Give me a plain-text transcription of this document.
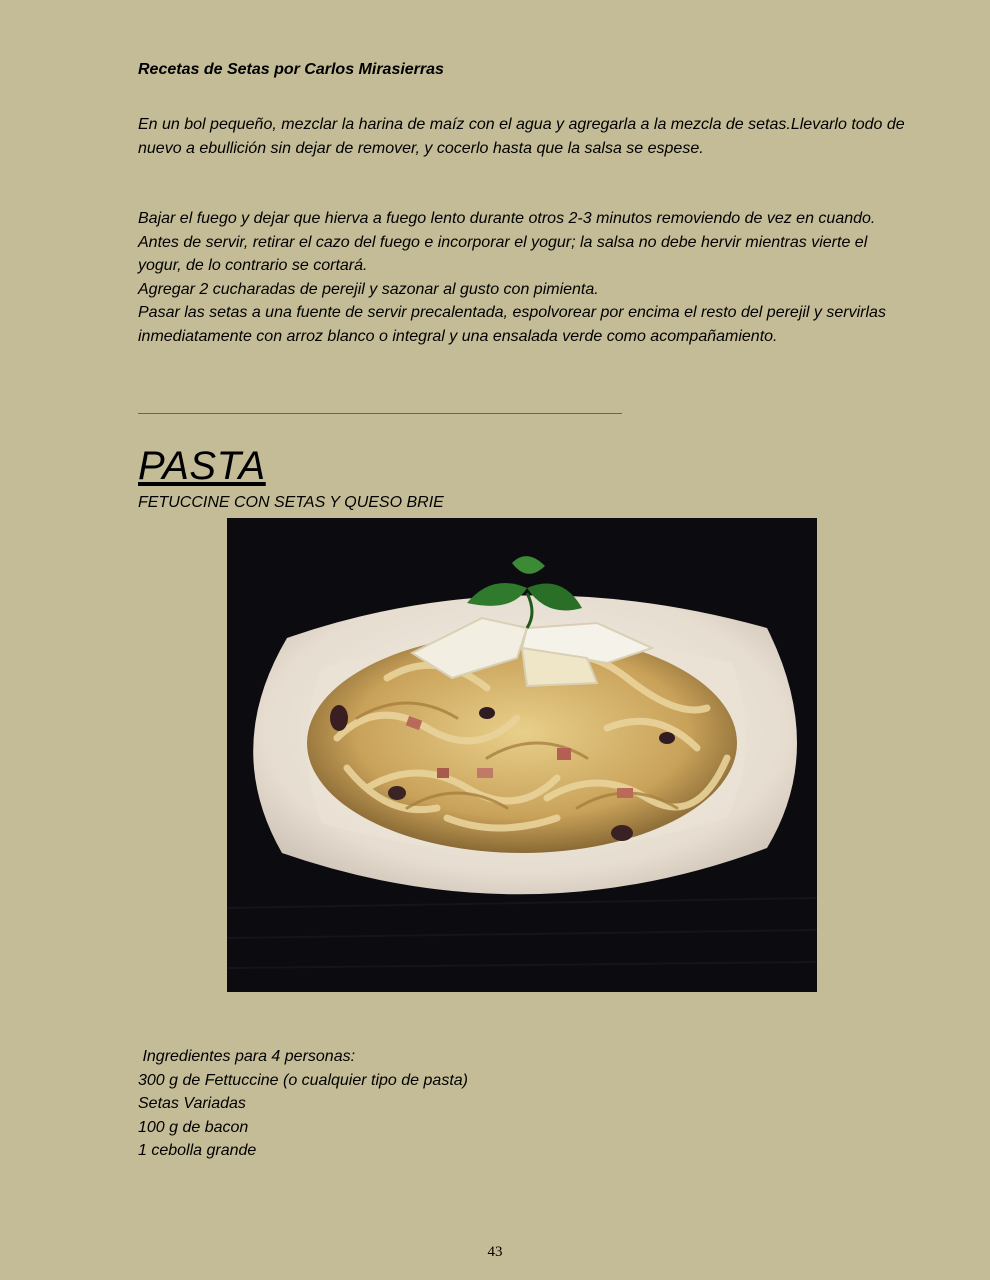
Recetas de Setas por Carlos Mirasierras
En un bol pequeño, mezclar la harina de maíz con el agua y agregarla a la mezcla de setas.Llevarlo todo de nuevo a ebullición sin dejar de remover, y cocerlo hasta que la salsa se espese.
Bajar el fuego y dejar que hierva a fuego lento durante otros 2-3 minutos removiendo de vez en cuando.
Antes de servir, retirar el cazo del fuego e incorporar el yogur; la salsa no debe hervir mientras vierte el yogur, de lo contrario se cortará.
Agregar 2 cucharadas de perejil y sazonar al gusto con pimienta.
Pasar las setas a una fuente de servir precalentada, espolvorear por encima el resto del perejil y servirlas inmediatamente con arroz blanco o integral y una ensalada verde como acompañamiento.
PASTA
FETUCCINE CON SETAS Y QUESO BRIE
Ingredientes para 4 personas:
300 g de Fettuccine (o cualquier tipo de pasta)
Setas Variadas
100 g de bacon
1 cebolla grande
43
